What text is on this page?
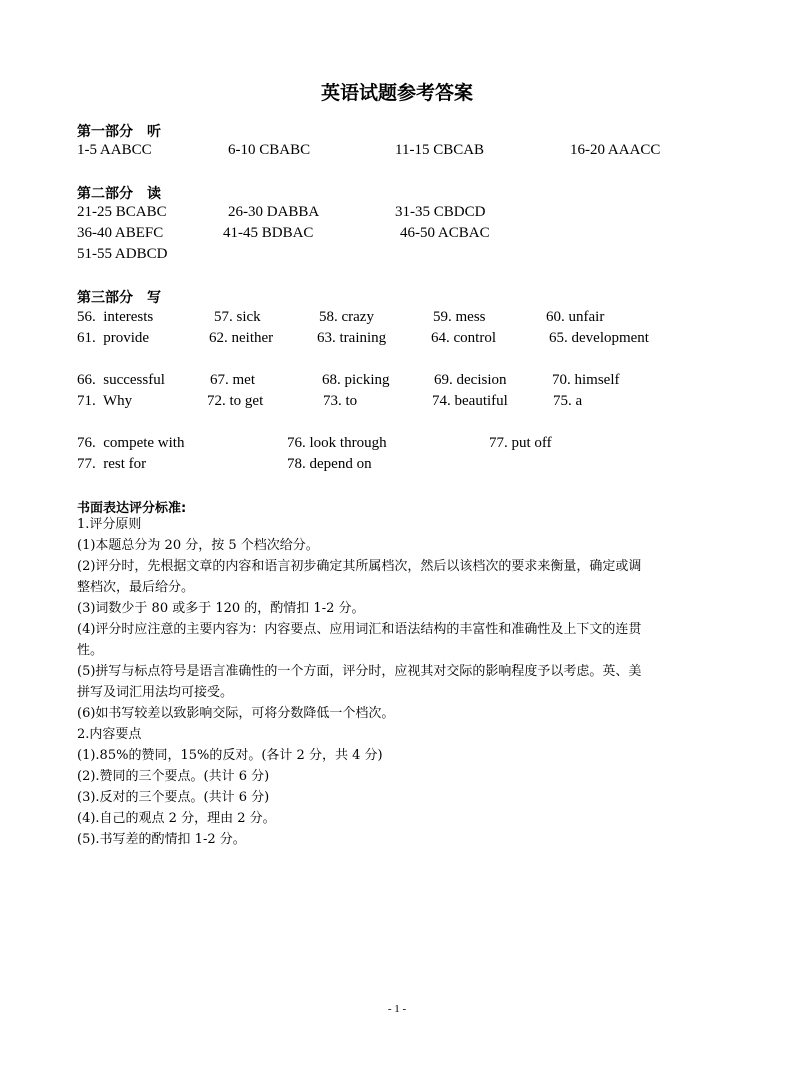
英语试题参考答案
第一部分　听
1-5 AABCC	6-10 CBABC	11-15 CBCAB	16-20 AAACC
第二部分　读
21-25 BCABC	26-30 DABBA	31-35 CBDCD
36-40 ABEFC	41-45 BDBAC	46-50 ACBAC
51-55 ADBCD
第三部分　写
56.  interests	57. sick	58. crazy	59. mess	60. unfair
61.  provide	62. neither	63. training	64. control	65. development
66.  successful	67. met	68. picking	69. decision	70. himself
71.  Why	72. to get	73. to	74. beautiful	75. a
76.  compete with	76. look through	77. put off
77.  rest for	78. depend on
书面表达评分标准:
1.评分原则
(1)本题总分为 20 分，按 5 个档次给分。
(2)评分时，先根据文章的内容和语言初步确定其所属档次，然后以该档次的要求来衡量，确定或调
整档次，最后给分。
(3)词数少于 80 或多于 120 的，酌情扣 1-2 分。
(4)评分时应注意的主要内容为：内容要点、应用词汇和语法结构的丰富性和准确性及上下文的连贯
性。
(5)拼写与标点符号是语言准确性的一个方面，评分时，应视其对交际的影响程度予以考虑。英、美
拼写及词汇用法均可接受。
(6)如书写较差以致影响交际，可将分数降低一个档次。
2.内容要点
(1).85%的赞同，15%的反对。(各计 2 分，共 4 分)
(2).赞同的三个要点。(共计 6 分)
(3).反对的三个要点。(共计 6 分)
(4).自己的观点 2 分，理由 2 分。
(5).书写差的酌情扣 1-2 分。
- 1 -
